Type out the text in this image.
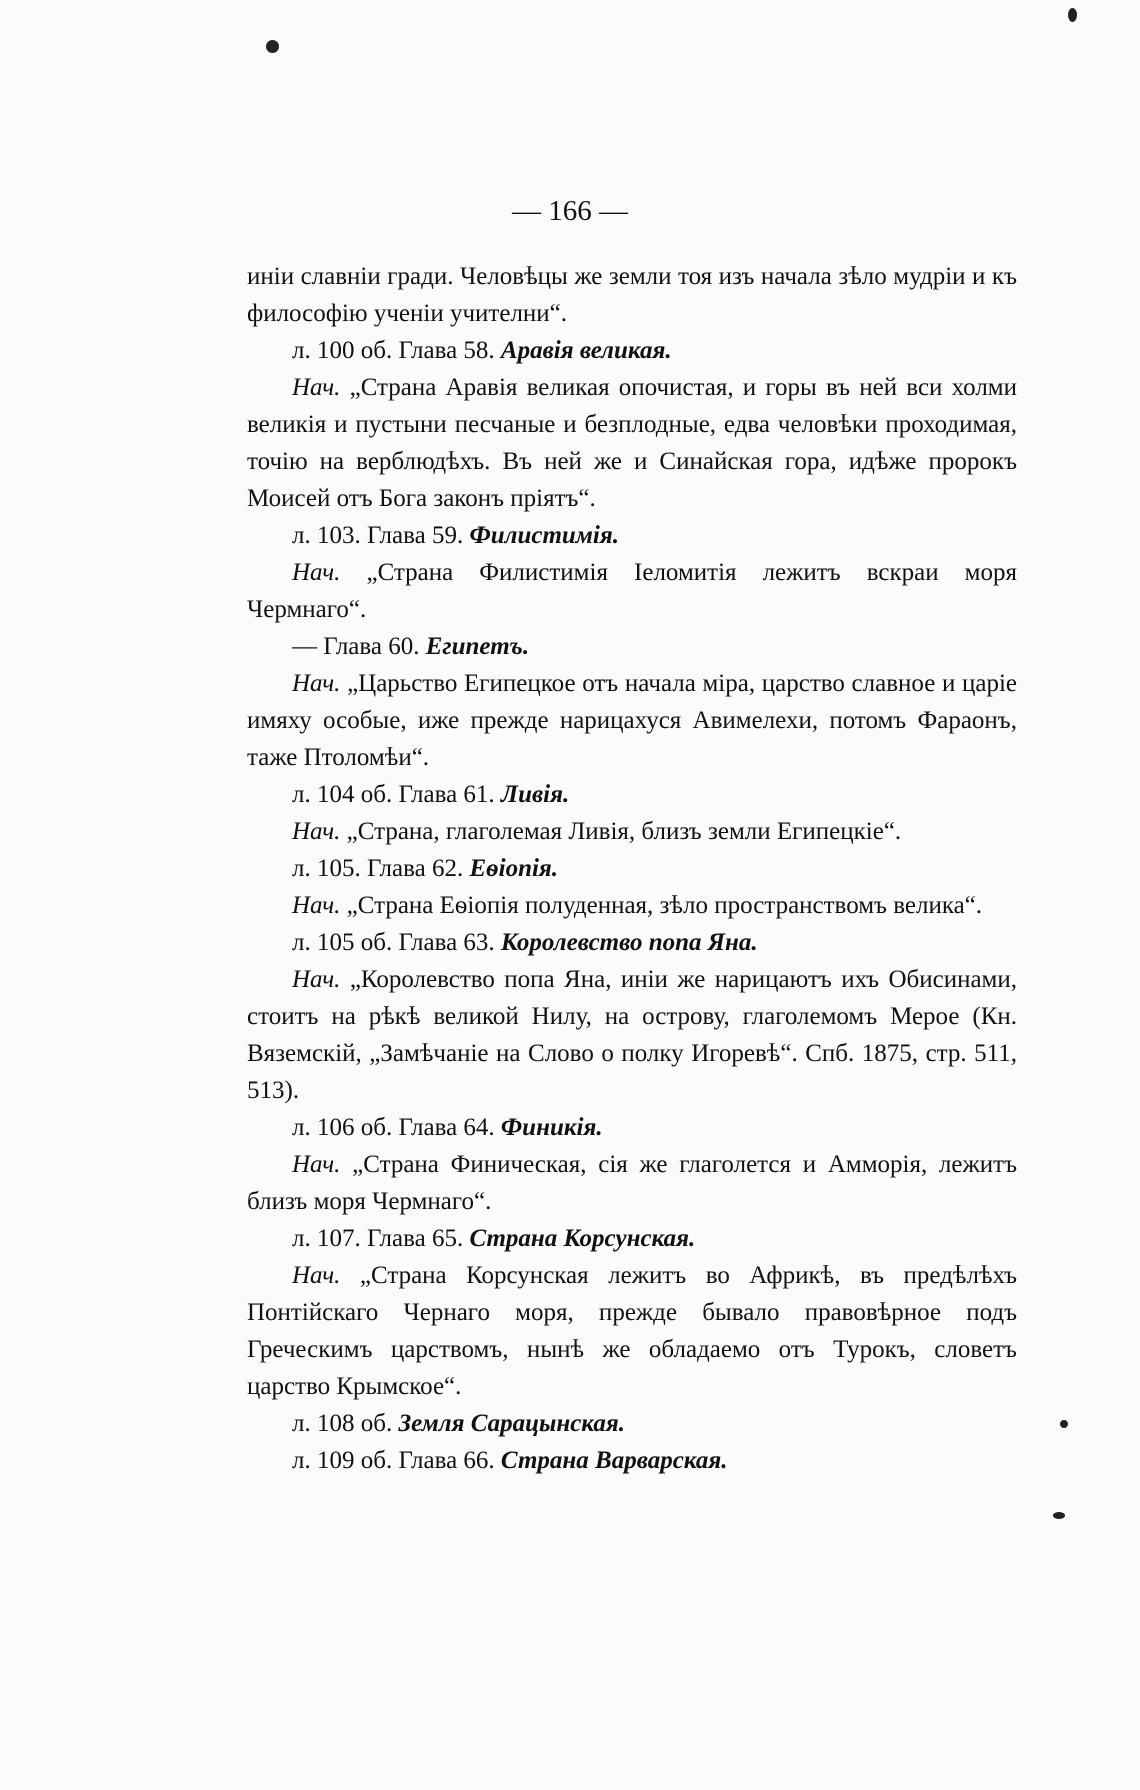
— 166 —

иніи славніи гради. Человѣцы же земли тоя изъ начала зѣло мудріи и къ философію ученіи учителни“.

л. 100 об. Глава 58. Аравія великая.

Нач. „Страна Аравія великая опочистая, и горы въ ней вси холми великія и пустыни песчаные и безплодные, едва человѣки проходимая, точію на верблюдѣхъ. Въ ней же и Синайская гора, идѣже пророкъ Моисей отъ Бога законъ пріятъ“.

л. 103. Глава 59. Филистимія.

Нач. „Страна Филистимія Іеломитія лежитъ вскраи моря Чермнаго“.

— Глава 60. Египетъ.

Нач. „Царьство Египецкое отъ начала міра, царство славное и царіе имяху особые, иже прежде нарицахуся Авимелехи, потомъ Фараонъ, таже Птоломѣи“.

л. 104 об. Глава 61. Ливія.

Нач. „Страна, глаголемая Ливія, близъ земли Египецкіе“.

л. 105. Глава 62. Еѳіопія.

Нач. „Страна Еѳіопія полуденная, зѣло пространствомъ велика“.

л. 105 об. Глава 63. Королевство попа Яна.

Нач. „Королевство попа Яна, иніи же нарицаютъ ихъ Обисинами, стоитъ на рѣкѣ великой Нилу, на острову, глаголемомъ Мерое (Кн. Вяземскій, „Замѣчаніе на Слово о полку Игоревѣ“. Спб. 1875, стр. 511, 513).

л. 106 об. Глава 64. Финикія.

Нач. „Страна Финическая, сія же глаголется и Амморія, лежитъ близъ моря Чермнаго“.

л. 107. Глава 65. Страна Корсунская.

Нач. „Страна Корсунская лежитъ во Африкѣ, въ предѣлѣхъ Понтійскаго Чернаго моря, прежде бывало правовѣрное подъ Греческимъ царствомъ, нынѣ же обладаемо отъ Турокъ, словетъ царство Крымское“.

л. 108 об. Земля Сарацынская.

л. 109 об. Глава 66. Страна Варварская.
